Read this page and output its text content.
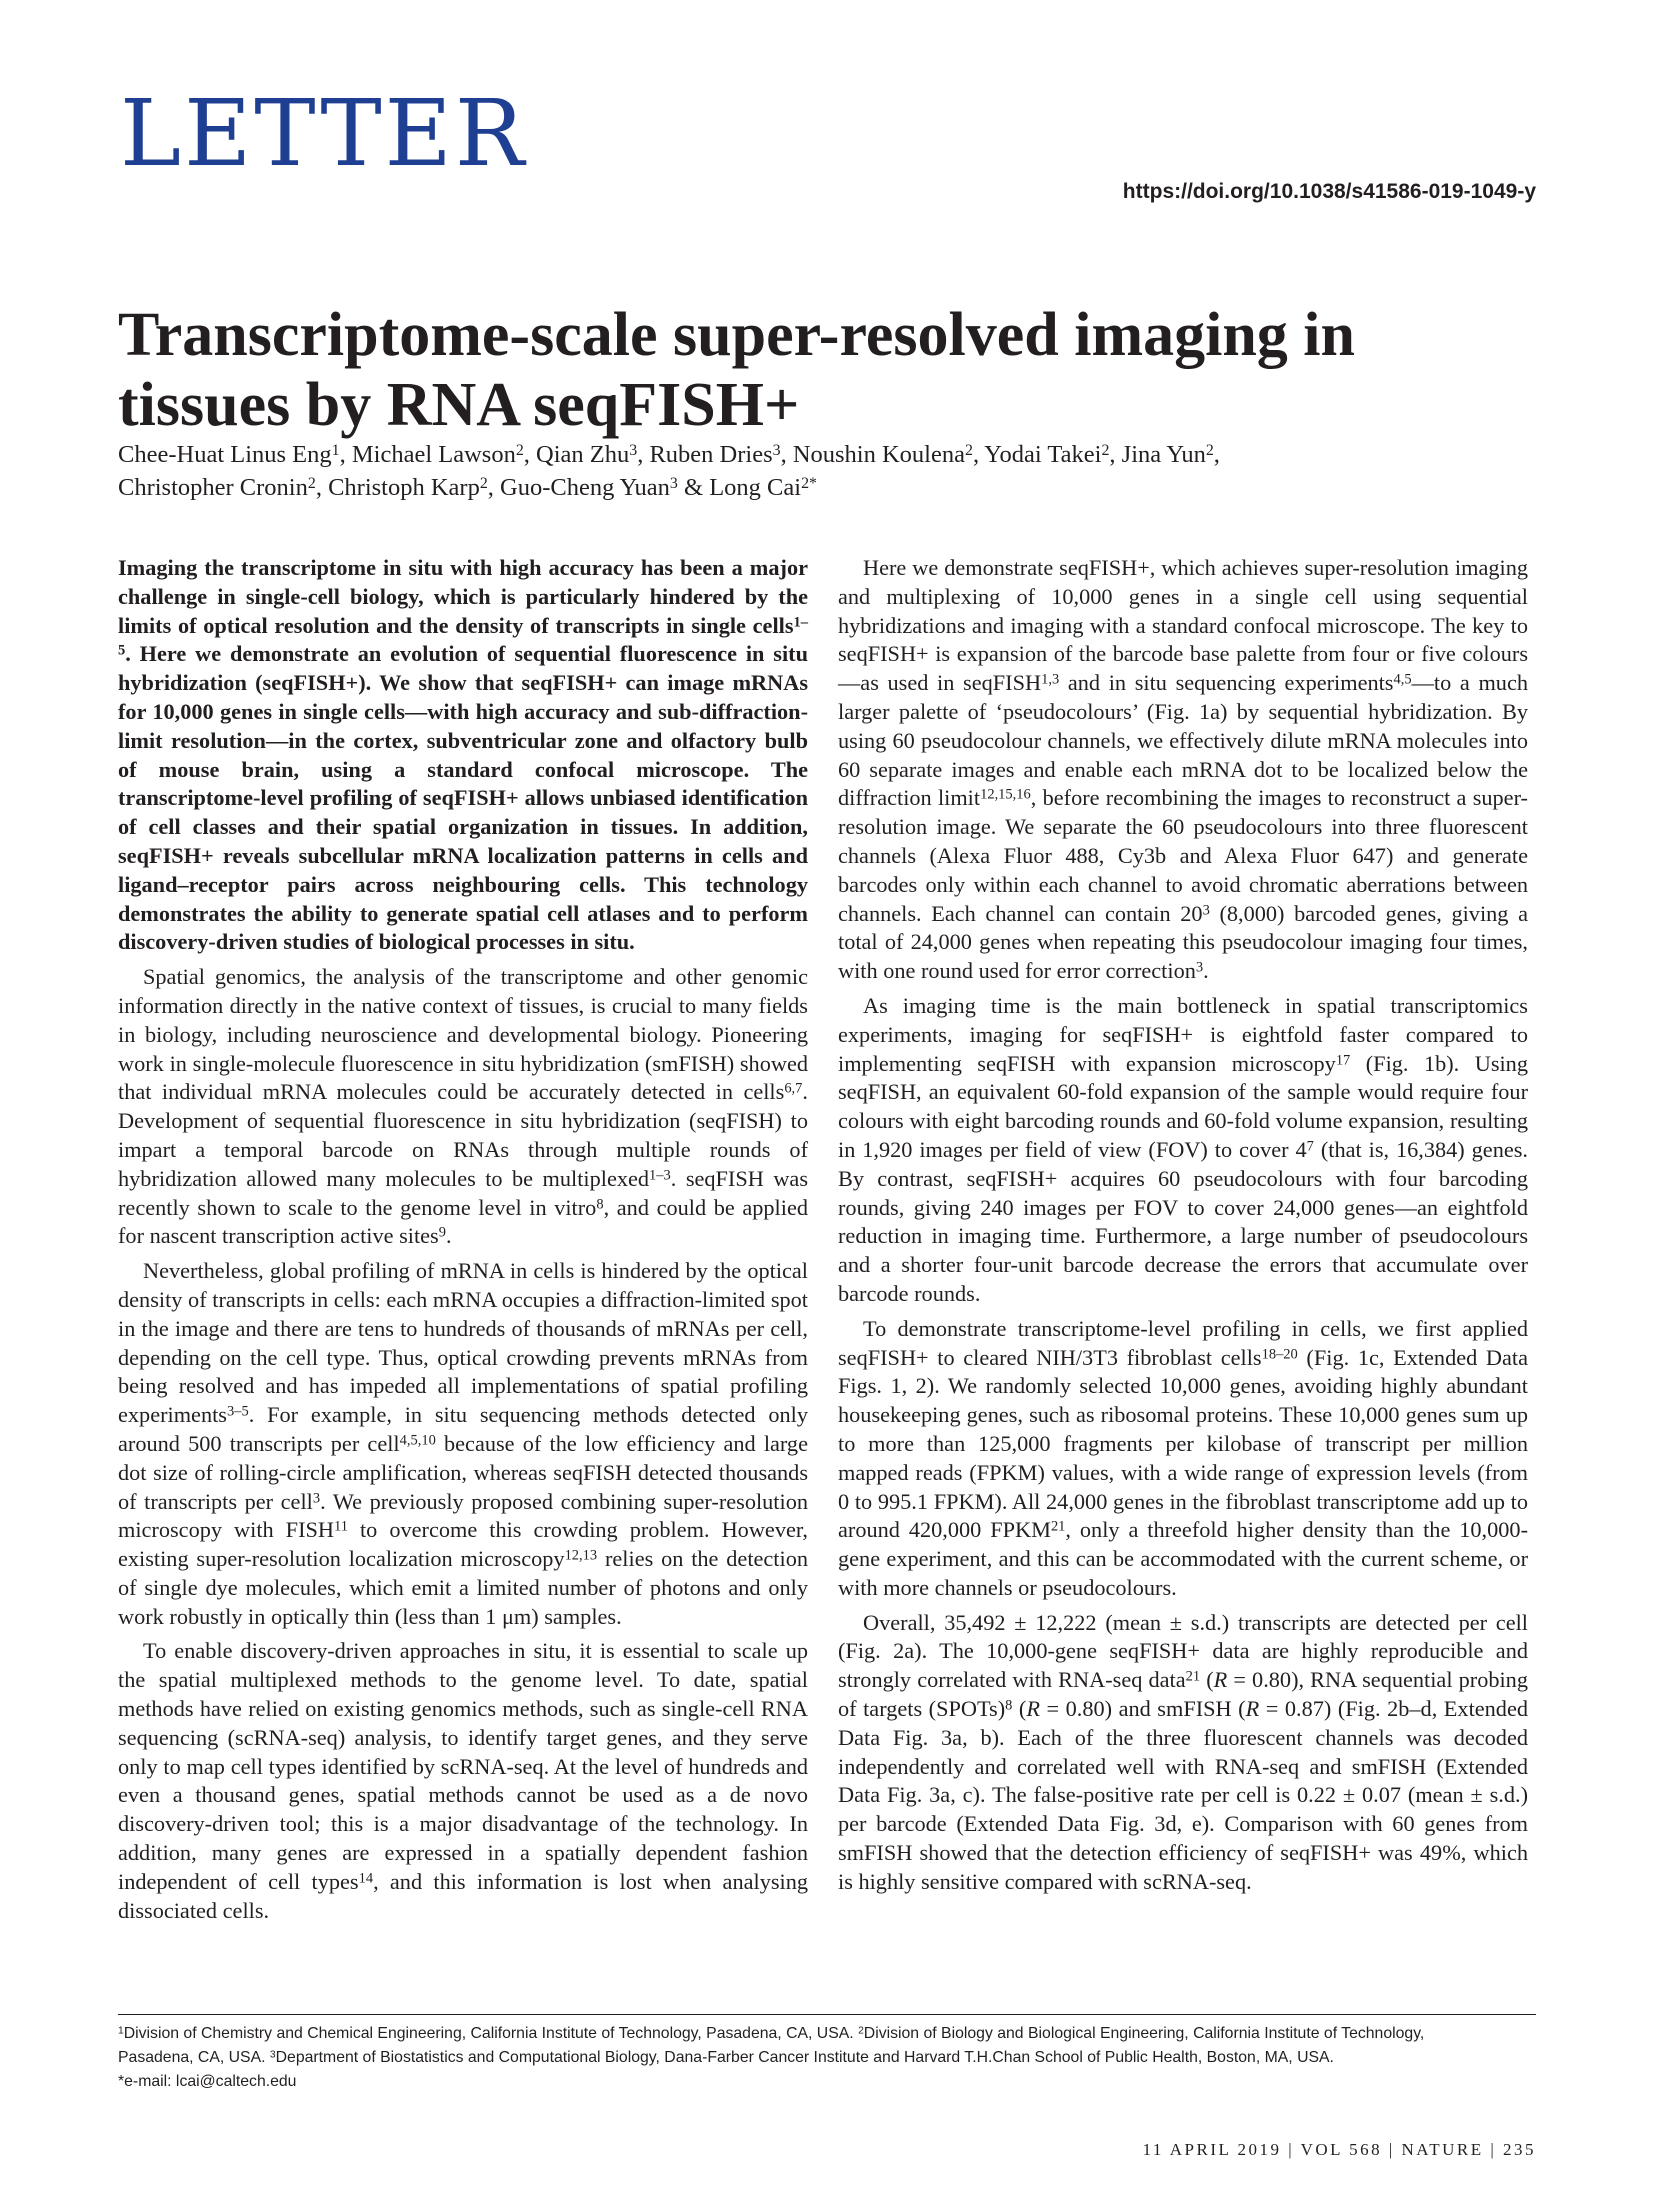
LETTER
https://doi.org/10.1038/s41586-019-1049-y
Transcriptome-scale super-resolved imaging in
tissues by RNA seqFISH+

Chee-Huat Linus Eng$^1$, Michael Lawson$^2$, Qian Zhu$^3$, Ruben Dries$^3$, Noushin Koulena$^2$, Yodai Takei$^2$, Jina Yun$^2$,
Christopher Cronin$^2$, Christoph Karp$^2$, Guo-Cheng Yuan$^3$ & Long Cai$^{2*}$

Imaging the transcriptome in situ with high accuracy has been a major challenge in single-cell biology, which is particularly hindered by the limits of optical resolution and the density of transcripts in single cells$^{1-5}$. Here we demonstrate an evolution of sequential fluorescence in situ hybridization (seqFISH+). We show that seqFISH+ can image mRNAs for 10,000 genes in single cells—with high accuracy and sub-diffraction-limit resolution—in the cortex, subventricular zone and olfactory bulb of mouse brain, using a standard confocal microscope. The transcriptome-level profiling of seqFISH+ allows unbiased identification of cell classes and their spatial organization in tissues. In addition, seqFISH+ reveals subcellular mRNA localization patterns in cells and ligand–receptor pairs across neighbouring cells. This technology demonstrates the ability to generate spatial cell atlases and to perform discovery-driven studies of biological processes in situ.

Spatial genomics, the analysis of the transcriptome and other genomic information directly in the native context of tissues, is crucial to many fields in biology, including neuroscience and developmental biology. Pioneering work in single-molecule fluorescence in situ hybridization (smFISH) showed that individual mRNA molecules could be accurately detected in cells$^{6,7}$. Development of sequential fluorescence in situ hybridization (seqFISH) to impart a temporal barcode on RNAs through multiple rounds of hybridization allowed many molecules to be multiplexed$^{1-3}$. seqFISH was recently shown to scale to the genome level in vitro$^8$, and could be applied for nascent transcription active sites$^9$.

Nevertheless, global profiling of mRNA in cells is hindered by the optical density of transcripts in cells: each mRNA occupies a diffraction-limited spot in the image and there are tens to hundreds of thousands of mRNAs per cell, depending on the cell type. Thus, optical crowding prevents mRNAs from being resolved and has impeded all implementations of spatial profiling experiments$^{3-5}$. For example, in situ sequencing methods detected only around 500 transcripts per cell$^{4,5,10}$ because of the low efficiency and large dot size of rolling-circle amplification, whereas seqFISH detected thousands of transcripts per cell$^3$. We previously proposed combining super-resolution microscopy with FISH$^{11}$ to overcome this crowding problem. However, existing super-resolution localization microscopy$^{12,13}$ relies on the detection of single dye molecules, which emit a limited number of photons and only work robustly in optically thin (less than 1 μm) samples.

To enable discovery-driven approaches in situ, it is essential to scale up the spatial multiplexed methods to the genome level. To date, spatial methods have relied on existing genomics methods, such as single-cell RNA sequencing (scRNA-seq) analysis, to identify target genes, and they serve only to map cell types identified by scRNA-seq. At the level of hundreds and even a thousand genes, spatial methods cannot be used as a de novo discovery-driven tool; this is a major disadvantage of the technology. In addition, many genes are expressed in a spatially dependent fashion independent of cell types$^{14}$, and this information is lost when analysing dissociated cells.

Here we demonstrate seqFISH+, which achieves super-resolution imaging and multiplexing of 10,000 genes in a single cell using sequential hybridizations and imaging with a standard confocal microscope. The key to seqFISH+ is expansion of the barcode base palette from four or five colours—as used in seqFISH$^{1,3}$ and in situ sequencing experiments$^{4,5}$—to a much larger palette of ‘pseudocolours’ (Fig. 1a) by sequential hybridization. By using 60 pseudocolour channels, we effectively dilute mRNA molecules into 60 separate images and enable each mRNA dot to be localized below the diffraction limit$^{12,15,16}$, before recombining the images to reconstruct a super-resolution image. We separate the 60 pseudocolours into three fluorescent channels (Alexa Fluor 488, Cy3b and Alexa Fluor 647) and generate barcodes only within each channel to avoid chromatic aberrations between channels. Each channel can contain $20^3$ (8,000) barcoded genes, giving a total of 24,000 genes when repeating this pseudocolour imaging four times, with one round used for error correction$^3$.

As imaging time is the main bottleneck in spatial transcriptomics experiments, imaging for seqFISH+ is eightfold faster compared to implementing seqFISH with expansion microscopy$^{17}$ (Fig. 1b). Using seqFISH, an equivalent 60-fold expansion of the sample would require four colours with eight barcoding rounds and 60-fold volume expansion, resulting in 1,920 images per field of view (FOV) to cover $4^7$ (that is, 16,384) genes. By contrast, seqFISH+ acquires 60 pseudocolours with four barcoding rounds, giving 240 images per FOV to cover 24,000 genes—an eightfold reduction in imaging time. Furthermore, a large number of pseudocolours and a shorter four-unit barcode decrease the errors that accumulate over barcode rounds.

To demonstrate transcriptome-level profiling in cells, we first applied seqFISH+ to cleared NIH/3T3 fibroblast cells$^{18-20}$ (Fig. 1c, Extended Data Figs. 1, 2). We randomly selected 10,000 genes, avoiding highly abundant housekeeping genes, such as ribosomal proteins. These 10,000 genes sum up to more than 125,000 fragments per kilobase of transcript per million mapped reads (FPKM) values, with a wide range of expression levels (from 0 to 995.1 FPKM). All 24,000 genes in the fibroblast transcriptome add up to around 420,000 FPKM$^{21}$, only a threefold higher density than the 10,000-gene experiment, and this can be accommodated with the current scheme, or with more channels or pseudocolours.

Overall, 35,492 ± 12,222 (mean ± s.d.) transcripts are detected per cell (Fig. 2a). The 10,000-gene seqFISH+ data are highly reproducible and strongly correlated with RNA-seq data$^{21}$ (R = 0.80), RNA sequential probing of targets (SPOTs)$^8$ (R = 0.80) and smFISH (R = 0.87) (Fig. 2b–d, Extended Data Fig. 3a, b). Each of the three fluorescent channels was decoded independently and correlated well with RNA-seq and smFISH (Extended Data Fig. 3a, c). The false-positive rate per cell is 0.22 ± 0.07 (mean ± s.d.) per barcode (Extended Data Fig. 3d, e). Comparison with 60 genes from smFISH showed that the detection efficiency of seqFISH+ was 49%, which is highly sensitive compared with scRNA-seq.

$^1$Division of Chemistry and Chemical Engineering, California Institute of Technology, Pasadena, CA, USA. $^2$Division of Biology and Biological Engineering, California Institute of Technology,
Pasadena, CA, USA. $^3$Department of Biostatistics and Computational Biology, Dana-Farber Cancer Institute and Harvard T.H.Chan School of Public Health, Boston, MA, USA.
*e-mail: lcai@caltech.edu
11 APRIL 2019 | VOL 568 | NATURE | 235
